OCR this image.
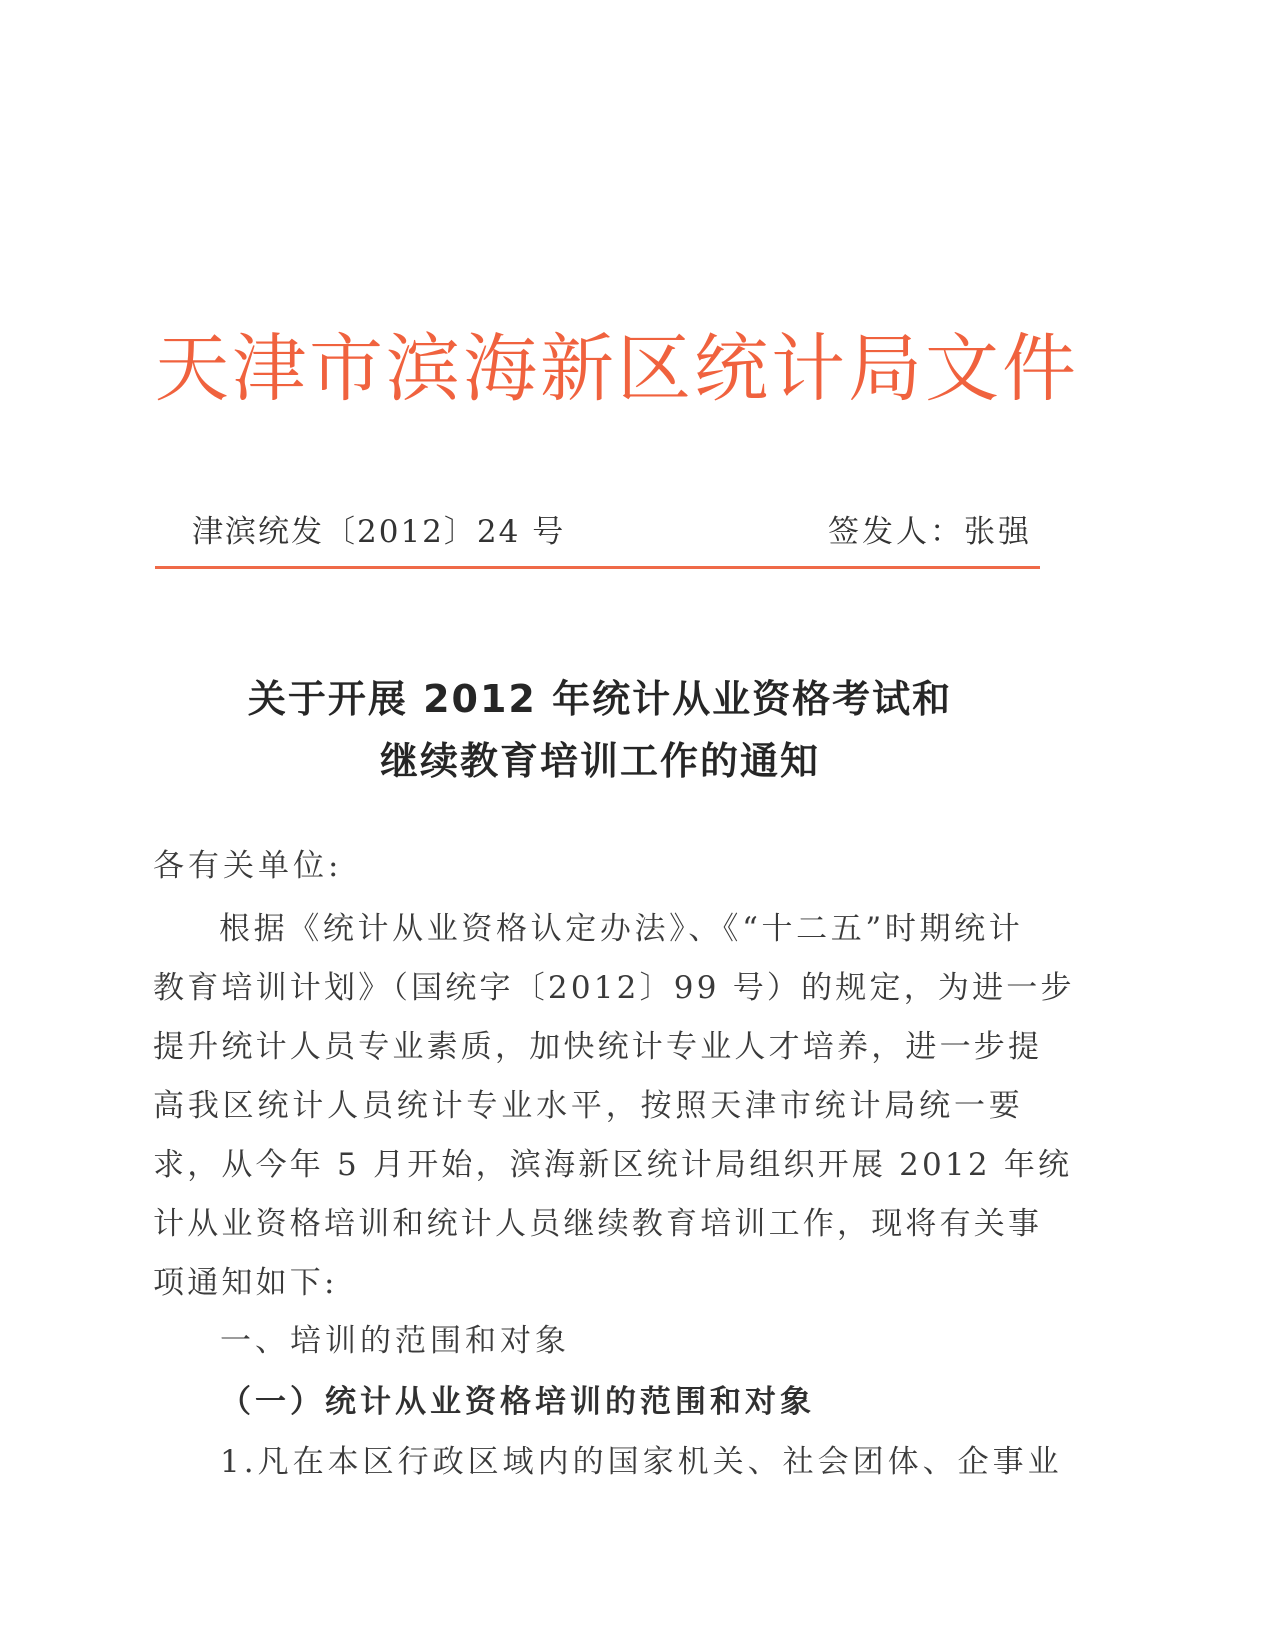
天津市滨海新区统计局文件
津滨统发〔2012〕24 号	签发人：张强
关于开展 2012 年统计从业资格考试和
继续教育培训工作的通知
各有关单位:
根据《统计从业资格认定办法》、《“十二五”时期统计
教育培训计划》（国统字〔2012〕99 号）的规定，为进一步
提升统计人员专业素质，加快统计专业人才培养，进一步提
高我区统计人员统计专业水平，按照天津市统计局统一要
求，从今年 5 月开始，滨海新区统计局组织开展 2012 年统
计从业资格培训和统计人员继续教育培训工作，现将有关事
项通知如下:
一、培训的范围和对象
（一）统计从业资格培训的范围和对象
1.凡在本区行政区域内的国家机关、社会团体、企事业
